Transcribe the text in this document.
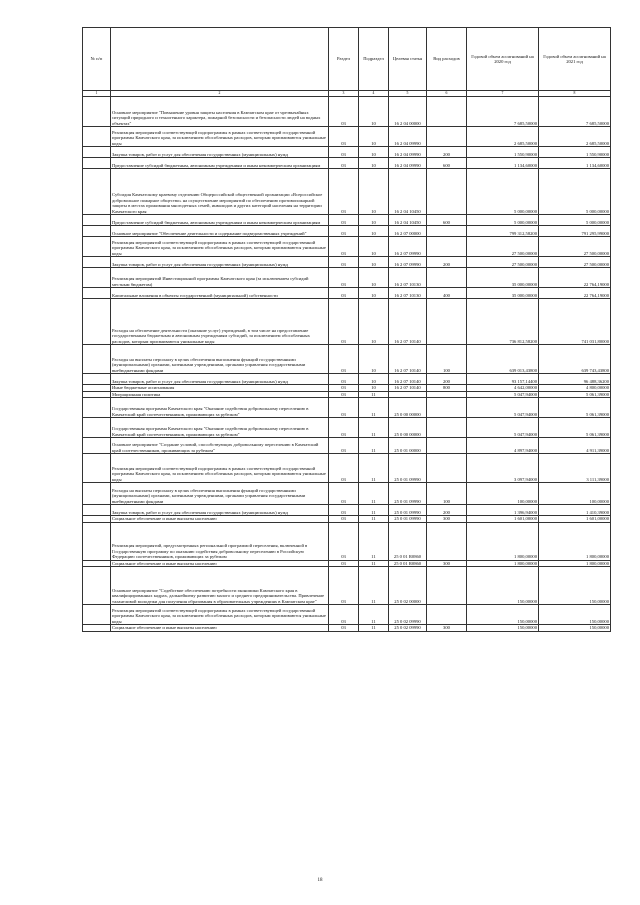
№ п/п		Раздел	Подраздел	Целевая статья	Вид расходов	Годовой объем ассигнований на 2020 год	Годовой объем ассигнований на 2021 год
1	2	3	4	5	6	7	8
	Основное мероприятие "Повышение уровня защиты населения в Камчатском крае от чрезвычайных ситуаций природного и техногенного характера, пожарной безопасности и безопасности людей на водных объектах"	03	10	16 2 04 00000		7 685,50000	7 685,50000
	Реализация мероприятий соответствующей подпрограммы в рамках соответствующей государственной программы Камчатского края, за исключением обособленных расходов, которым присваиваются уникальные коды	03	10	16 2 04 09990		2 685,50000	2 685,50000
	Закупка товаров, работ и услуг для обеспечения государственных (муниципальных) нужд	03	10	16 2 04 09990	200	1 550,90000	1 550,90000
	Предоставление субсидий бюджетным, автономным учреждениям и иным некоммерческим организациям	03	10	16 2 04 09990	600	1 134,60000	1 134,60000
	Субсидия Камчатскому краевому отделению Общероссийской общественной организации «Всероссийское добровольное пожарное общество» на осуществление мероприятий по обеспечению противопожарной защиты в местах проживания многодетных семей, инвалидов и других категорий населения на территории Камчатского края	03	10	16 2 04 10450		5 000,00000	5 000,00000
	Предоставление субсидий бюджетным, автономным учреждениям и иным некоммерческим организациям	03	10	16 2 04 10450	600	5 000,00000	5 000,00000
	Основное мероприятие "Обеспечение деятельности и содержание подведомственных учреждений"	03	10	16 2 07 00000		799 312,58200	791 295,99000
	Реализация мероприятий соответствующей подпрограммы в рамках соответствующей государственной программы Камчатского края, за исключением обособленных расходов, которым присваиваются уникальные коды	03	10	16 2 07 09990		27 500,00000	27 500,00000
	Закупка товаров, работ и услуг для обеспечения государственных (муниципальных) нужд	03	10	16 2 07 09990	200	27 500,00000	27 500,00000
	Реализация мероприятий Инвестиционной программы Камчатского края (за исключением субсидий местным бюджетам)	03	10	16 2 07 10130		35 000,00000	22 764,19000
	Капитальные вложения в объекты государственной (муниципальной) собственности	03	10	16 2 07 10130	400	35 000,00000	22 764,19000
	Расходы на обеспечение деятельности (оказание услуг) учреждений, в том числе на предоставление государственным бюджетным и автономным учреждениям субсидий, за исключением обособленных расходов, которым присваиваются уникальные коды	03	10	16 2 07 10140		736 812,58200	741 031,80000
	Расходы на выплаты персоналу в целях обеспечения выполнения функций государственными (муниципальными) органами, казенными учреждениями, органами управления государственными внебюджетными фондами	03	10	16 2 07 10140	100	639 013,43800	639 743,43800
	Закупка товаров, работ и услуг для обеспечения государственных (муниципальных) нужд	03	10	16 2 07 10140	200	93 157,14400	96 488,36200
	Иные бюджетные ассигнования	03	10	16 2 07 10140	800	4 642,00000	4 800,00000
	Миграционная политика	03	11			5 047,94000	5 061,39000
	Государственная программа Камчатского края "Оказание содействия добровольному переселению в Камчатский край соотечественников, проживающих за рубежом"	03	11	25 0 00 00000		5 047,94000	5 061,39000
	Государственная программа Камчатского края "Оказание содействия добровольному переселению в Камчатский край соотечественников, проживающих за рубежом"	03	11	25 0 00 00000		5 047,94000	5 061,39000
	Основное мероприятие "Создание условий, способствующих добровольному переселению в Камчатский край соотечественников, проживающих за рубежом"	03	11	25 0 01 00000		4 897,94000	4 911,39000
	Реализация мероприятий соответствующей подпрограммы в рамках соответствующей государственной программы Камчатского края, за исключением обособленных расходов, которым присваиваются уникальные коды	03	11	25 0 01 09990		3 097,94000	3 111,39000
	Расходы на выплаты персоналу в целях обеспечения выполнения функций государственными (муниципальными) органами, казенными учреждениями, органами управления государственными внебюджетными фондами	03	11	25 0 01 09990	100	100,00000	100,00000
	Закупка товаров, работ и услуг для обеспечения государственных (муниципальных) нужд	03	11	25 0 01 09990	200	1 396,94000	1 410,39000
	Социальное обеспечение и иные выплаты населению	03	11	25 0 01 09990	300	1 601,00000	1 601,00000
	Реализация мероприятий, предусмотренных региональной программой переселения, включенной в Государственную программу по оказанию содействия добровольному переселению в Российскую Федерацию соотечественников, проживающих за рубежом	03	11	25 0 01 R0860		1 800,00000	1 800,00000
	Социальное обеспечение и иные выплаты населению	03	11	25 0 01 R0860	300	1 800,00000	1 800,00000
	Основное мероприятие "Содействие обеспечению потребности экономики Камчатского края в квалифицированных кадрах, дальнейшему развитию малого и среднего предпринимательства. Привлечение талантливой молодежи для получения образования в образовательных учреждениях в Камчатском крае"	03	11	25 0 02 00000		150,00000	150,00000
	Реализация мероприятий соответствующей подпрограммы в рамках соответствующей государственной программы Камчатского края, за исключением обособленных расходов, которым присваиваются уникальные коды	03	11	25 0 02 09990		150,00000	150,00000
	Социальное обеспечение и иные выплаты населению	03	11	25 0 02 09990	300	150,00000	150,00000
18
